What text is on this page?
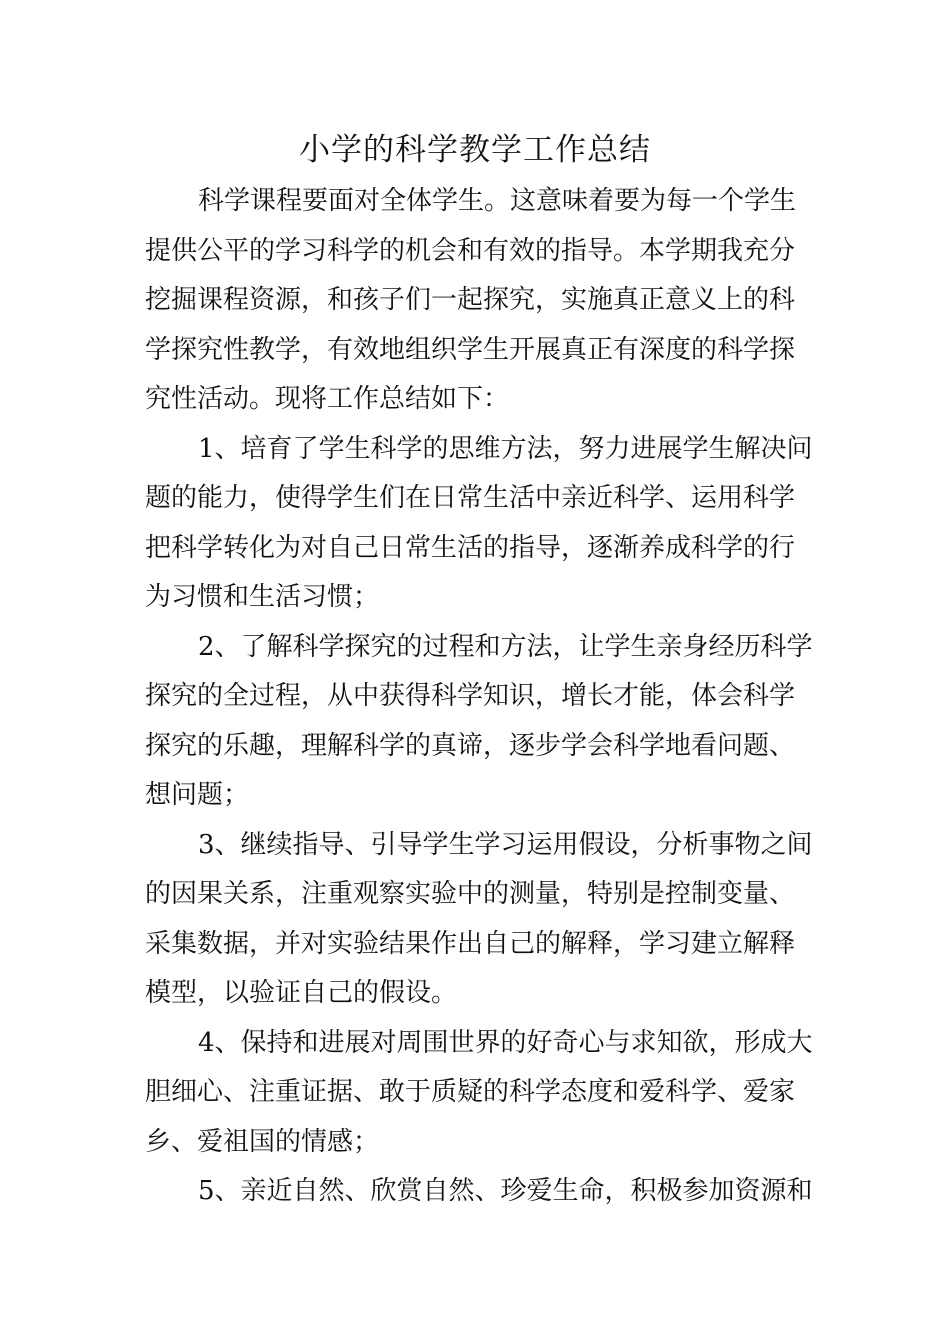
小学的科学教学工作总结
科学课程要面对全体学生。这意味着要为每一个学生
提供公平的学习科学的机会和有效的指导。本学期我充分
挖掘课程资源，和孩子们一起探究，实施真正意义上的科
学探究性教学，有效地组织学生开展真正有深度的科学探
究性活动。现将工作总结如下：
1、培育了学生科学的思维方法，努力进展学生解决问
题的能力，使得学生们在日常生活中亲近科学、运用科学
把科学转化为对自己日常生活的指导，逐渐养成科学的行
为习惯和生活习惯；
2、了解科学探究的过程和方法，让学生亲身经历科学
探究的全过程，从中获得科学知识，增长才能，体会科学
探究的乐趣，理解科学的真谛，逐步学会科学地看问题、
想问题；
3、继续指导、引导学生学习运用假设，分析事物之间
的因果关系，注重观察实验中的测量，特别是控制变量、
采集数据，并对实验结果作出自己的解释，学习建立解释
模型，以验证自己的假设。
4、保持和进展对周围世界的好奇心与求知欲，形成大
胆细心、注重证据、敢于质疑的科学态度和爱科学、爱家
乡、爱祖国的情感；
5、亲近自然、欣赏自然、珍爱生命，积极参加资源和
